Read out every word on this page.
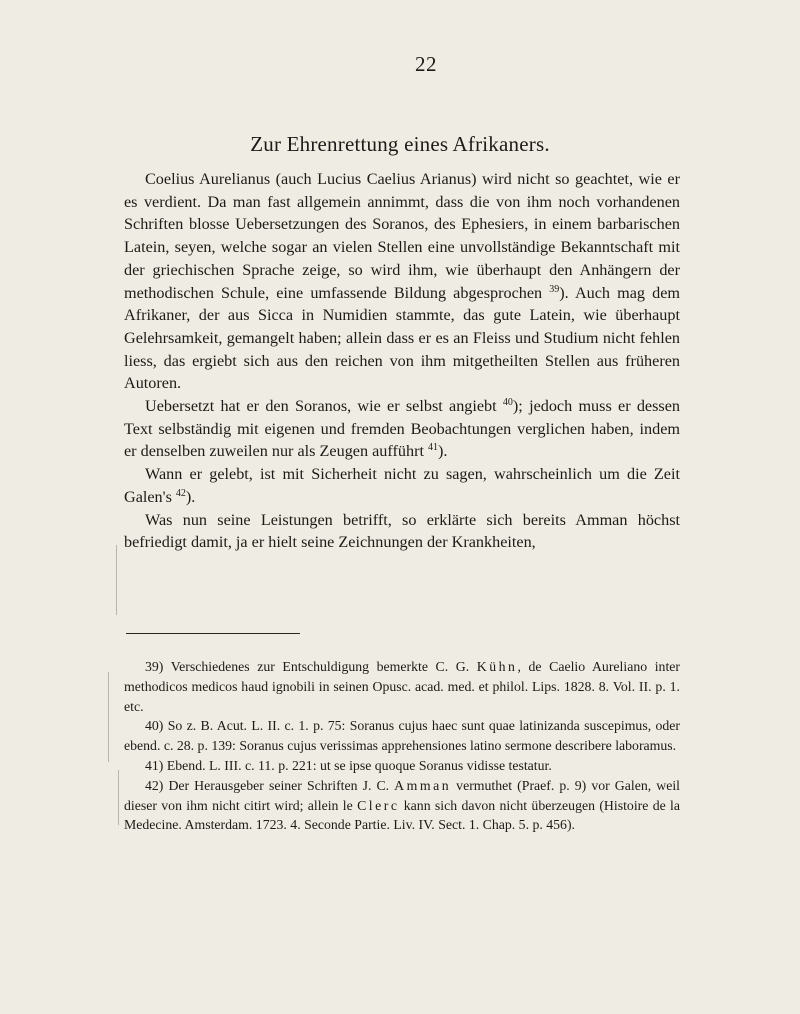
22
Zur Ehrenrettung eines Afrikaners.

Coelius Aurelianus (auch Lucius Caelius Arianus) wird nicht so geachtet, wie er es verdient. Da man fast allgemein annimmt, dass die von ihm noch vorhandenen Schriften blosse Uebersetzungen des Soranos, des Ephesiers, in einem barbarischen Latein, seyen, welche sogar an vielen Stellen eine unvollständige Bekanntschaft mit der griechischen Sprache zeige, so wird ihm, wie überhaupt den Anhängern der methodischen Schule, eine umfassende Bildung abgesprochen $^{39}$). Auch mag dem Afrikaner, der aus Sicca in Numidien stammte, das gute Latein, wie überhaupt Gelehrsamkeit, gemangelt haben; allein dass er es an Fleiss und Studium nicht fehlen liess, das ergiebt sich aus den reichen von ihm mitgetheilten Stellen aus früheren Autoren.

Uebersetzt hat er den Soranos, wie er selbst angiebt $^{40}$); jedoch muss er dessen Text selbständig mit eigenen und fremden Beobachtungen verglichen haben, indem er denselben zuweilen nur als Zeugen aufführt $^{41}$).

Wann er gelebt, ist mit Sicherheit nicht zu sagen, wahrscheinlich um die Zeit Galen's $^{42}$).

Was nun seine Leistungen betrifft, so erklärte sich bereits Amman höchst befriedigt damit, ja er hielt seine Zeichnungen der Krankheiten,

39) Verschiedenes zur Entschuldigung bemerkte C. G. Kühn, de Caelio Aureliano inter methodicos medicos haud ignobili in seinen Opusc. acad. med. et philol. Lips. 1828. 8. Vol. II. p. 1. etc.

40) So z. B. Acut. L. II. c. 1. p. 75: Soranus cujus haec sunt quae latinizanda suscepimus, oder ebend. c. 28. p. 139: Soranus cujus verissimas apprehensiones latino sermone describere laboramus.

41) Ebend. L. III. c. 11. p. 221: ut se ipse quoque Soranus vidisse testatur.

42) Der Herausgeber seiner Schriften J. C. Amman vermuthet (Praef. p. 9) vor Galen, weil dieser von ihm nicht citirt wird; allein le Clerc kann sich davon nicht überzeugen (Histoire de la Medecine. Amsterdam. 1723. 4. Seconde Partie. Liv. IV. Sect. 1. Chap. 5. p. 456).
